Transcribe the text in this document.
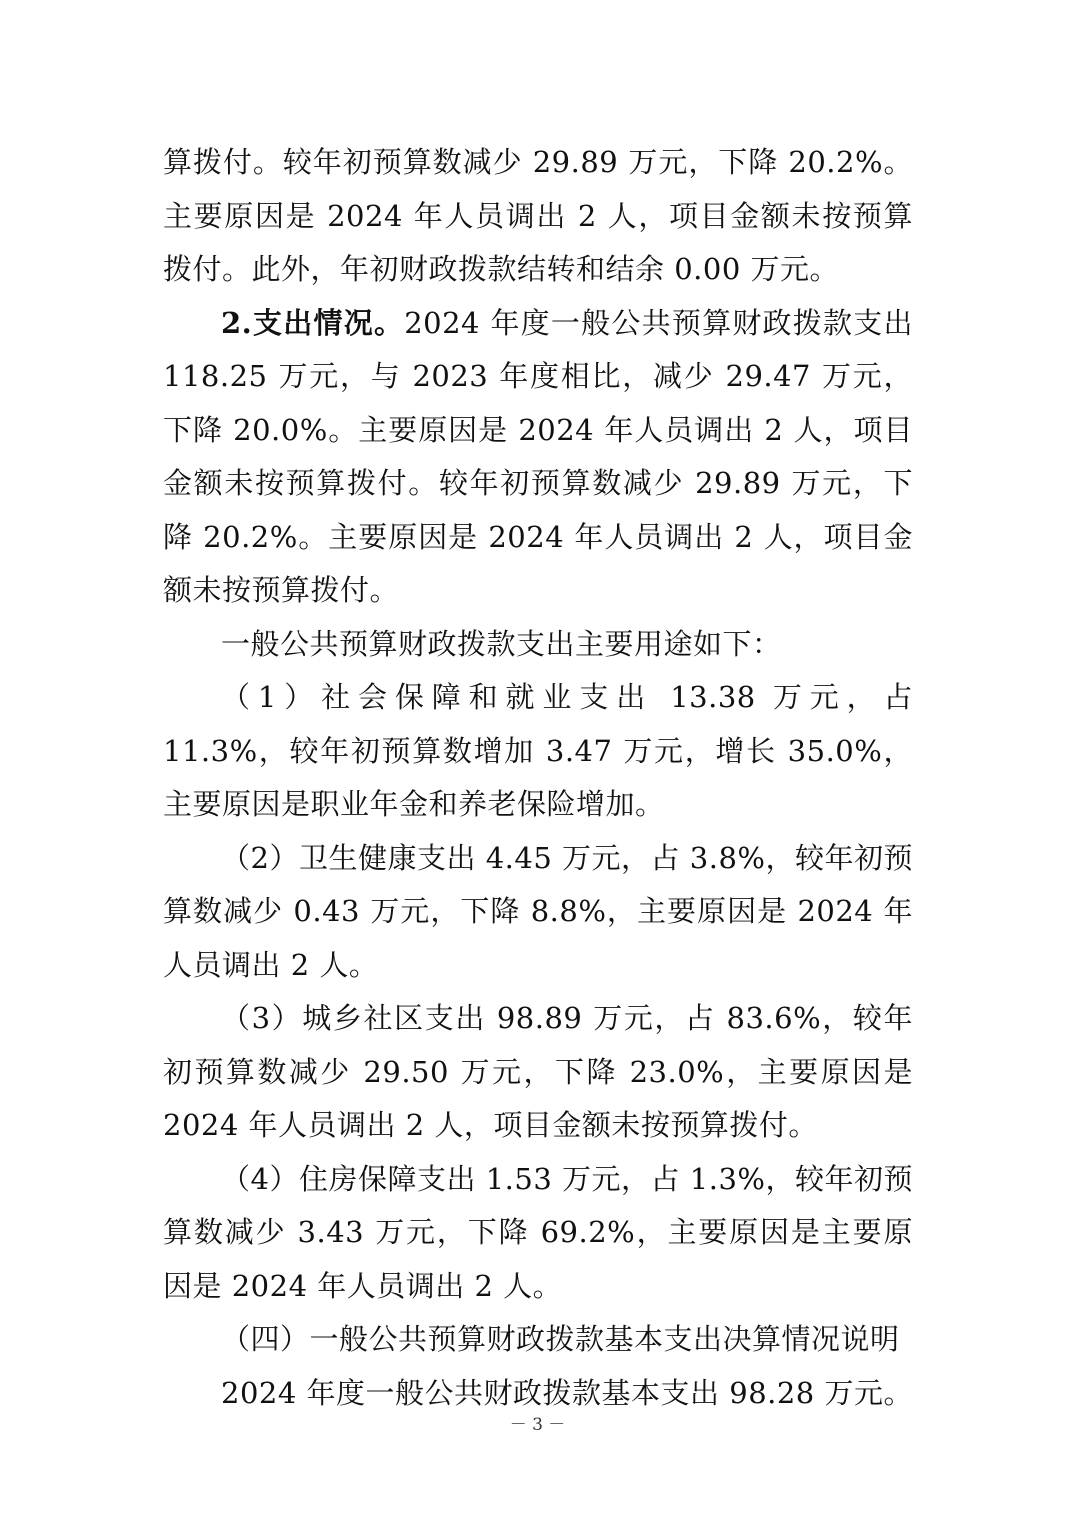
算拨付。较年初预算数减少 29.89 万元，下降 20.2%。主要原因是 2024 年人员调出 2 人，项目金额未按预算拨付。此外，年初财政拨款结转和结余 0.00 万元。

2.支出情况。2024 年度一般公共预算财政拨款支出 118.25 万元，与 2023 年度相比，减少 29.47 万元，下降 20.0%。主要原因是 2024 年人员调出 2 人，项目金额未按预算拨付。较年初预算数减少 29.89 万元，下降 20.2%。主要原因是 2024 年人员调出 2 人，项目金额未按预算拨付。

一般公共预算财政拨款支出主要用途如下：

（1）社会保障和就业支出 13.38 万元，占 11.3%，较年初预算数增加 3.47 万元，增长 35.0%，主要原因是职业年金和养老保险增加。

（2）卫生健康支出 4.45 万元，占 3.8%，较年初预算数减少 0.43 万元，下降 8.8%，主要原因是 2024 年人员调出 2 人。

（3）城乡社区支出 98.89 万元，占 83.6%，较年初预算数减少 29.50 万元，下降 23.0%，主要原因是 2024 年人员调出 2 人，项目金额未按预算拨付。

（4）住房保障支出 1.53 万元，占 1.3%，较年初预算数减少 3.43 万元，下降 69.2%，主要原因是主要原因是 2024 年人员调出 2 人。

（四）一般公共预算财政拨款基本支出决算情况说明

2024 年度一般公共财政拨款基本支出 98.28 万元。

－ 3 －
